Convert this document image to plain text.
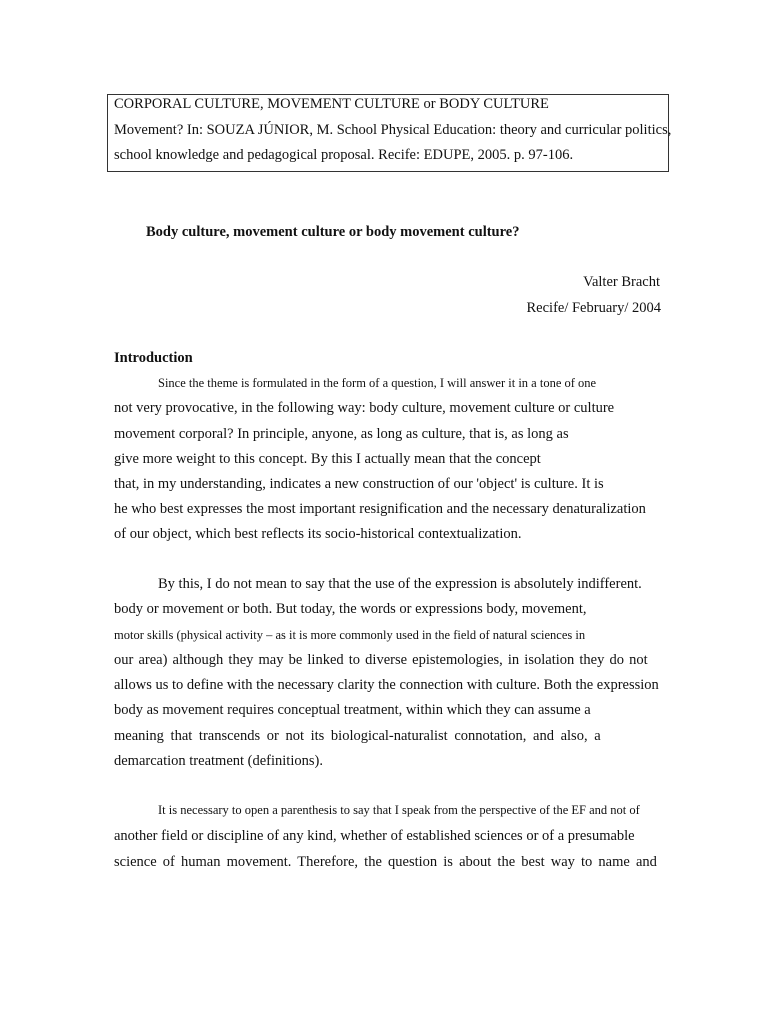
CORPORAL CULTURE, MOVEMENT CULTURE or BODY CULTURE
Movement? In: SOUZA JÚNIOR, M. School Physical Education: theory and curricular politics,
school knowledge and pedagogical proposal. Recife: EDUPE, 2005. p. 97-106.
Body culture, movement culture or body movement culture?
Valter Bracht
Recife/ February/ 2004
Introduction
Since the theme is formulated in the form of a question, I will answer it in a tone of one
not very provocative, in the following way: body culture, movement culture or culture
movement corporal? In principle, anyone, as long as culture, that is, as long as
give more weight to this concept. By this I actually mean that the concept
that, in my understanding, indicates a new construction of our 'object' is culture. It is
he who best expresses the most important resignification and the necessary denaturalization
of our object, which best reflects its socio-historical contextualization.
By this, I do not mean to say that the use of the expression is absolutely indifferent.
body or movement or both. But today, the words or expressions body, movement,
motor skills (physical activity – as it is more commonly used in the field of natural sciences in
our area) although they may be linked to diverse epistemologies, in isolation they do not
allows us to define with the necessary clarity the connection with culture. Both the expression
body as movement requires conceptual treatment, within which they can assume a
meaning that transcends or not its biological-naturalist connotation, and also, a
demarcation treatment (definitions).
It is necessary to open a parenthesis to say that I speak from the perspective of the EF and not of
another field or discipline of any kind, whether of established sciences or of a presumable
science of human movement. Therefore, the question is about the best way to name and
